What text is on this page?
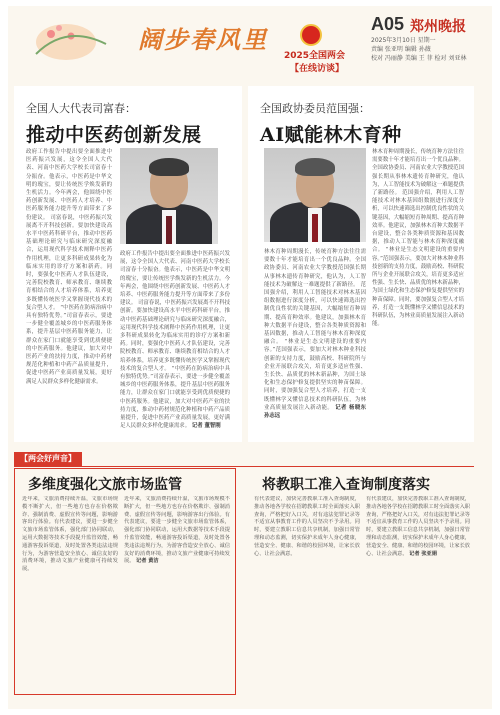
阔步春风里
2025全国两会
【在线访谈】
A05 郑州晚报
2025年3月10日 星期一
责编 张亚明 编辑 孙薇
校对 冯丽静 美编 王 菲 检对 刘亚林
全国人大代表司富春：
推动中医药创新发展
政府工作报告中提出要全面推进中医药振兴发展，这令全国人大代表、河南中医药大学校长司富春十分振奋。他表示，中医药是中华文明的瑰宝，要让传统医学焕发新的生机活力。今年两会，他围绕中医药创新发展、中医药人才培养、中医药服务能力提升等方面带来了多份建议。 司富春说，中医药振兴发展离不开科技创新。要加快建设高水平中医药科研平台，推动中医药基础理论研究与临床研究深度融合，运用现代科学技术阐释中医药作用机理，让更多科研成果转化为临床实用的诊疗方案和新药。同时，要强化中医药人才队伍建设，完善院校教育、师承教育、继续教育相结合的人才培养体系，培养更多既懂传统医学又掌握现代技术的复合型人才。 “中医药在防病治病中具有独特优势。”司富春表示，要进一步健全覆盖城乡的中医药服务体系，提升基层中医药服务能力，让群众在家门口就能享受到优质便捷的中医药服务。他建议，加大对中医药产业的扶持力度，推动中药材规范化种植和中药产品质量提升，促进中医药产业高质量发展，更好满足人民群众多样化健康需求。
政府工作报告中提出要全面推进中医药振兴发展，这令全国人大代表、河南中医药大学校长司富春十分振奋。他表示，中医药是中华文明的瑰宝，要让传统医学焕发新的生机活力。今年两会，他围绕中医药创新发展、中医药人才培养、中医药服务能力提升等方面带来了多份建议。 司富春说，中医药振兴发展离不开科技创新。要加快建设高水平中医药科研平台，推动中医药基础理论研究与临床研究深度融合，运用现代科学技术阐释中医药作用机理，让更多科研成果转化为临床实用的诊疗方案和新药。同时，要强化中医药人才队伍建设，完善院校教育、师承教育、继续教育相结合的人才培养体系，培养更多既懂传统医学又掌握现代技术的复合型人才。 “中医药在防病治病中具有独特优势。”司富春表示，要进一步健全覆盖城乡的中医药服务体系，提升基层中医药服务能力，让群众在家门口就能享受到优质便捷的中医药服务。他建议，加大对中医药产业的扶持力度，推动中药材规范化种植和中药产品质量提升，促进中医药产业高质量发展，更好满足人民群众多样化健康需求。 记者 董智刚
全国政协委员范国强：
AI赋能林木育种
林木育种周期漫长，传统育种方法往往需要数十年才能培育出一个优良品种。全国政协委员、河南农业大学教授范国强长期从事林木遗传育种研究，他认为，人工智能技术为破解这一难题提供了新路径。 范国强介绍，利用人工智能技术对林木基因组数据进行深度分析，可以快速筛选出控制优良性状的关键基因，大幅缩短育种周期、提高育种效率。他建议，加强林木育种大数据平台建设，整合各类种质资源和基因数据，推动人工智能与林木育种深度融合。 “林业是生态文明建设的重要内容。”范国强表示，要加大对林木种业科技创新的支持力度，鼓励高校、科研院所与企业开展联合攻关，培育更多适应性强、生长快、品质优的林木新品种，为国土绿化和生态保护修复提供坚实的种苗保障。同时，要加强复合型人才培养，打造一支既懂林学又懂信息技术的科研队伍，为林业高质量发展注入新动能。
林木育种周期漫长，传统育种方法往往需要数十年才能培育出一个优良品种。全国政协委员、河南农业大学教授范国强长期从事林木遗传育种研究，他认为，人工智能技术为破解这一难题提供了新路径。 范国强介绍，利用人工智能技术对林木基因组数据进行深度分析，可以快速筛选出控制优良性状的关键基因，大幅缩短育种周期、提高育种效率。他建议，加强林木育种大数据平台建设，整合各类种质资源和基因数据，推动人工智能与林木育种深度融合。 “林业是生态文明建设的重要内容。”范国强表示，要加大对林木种业科技创新的支持力度，鼓励高校、科研院所与企业开展联合攻关，培育更多适应性强、生长快、品质优的林木新品种，为国土绿化和生态保护修复提供坚实的种苗保障。同时，要加强复合型人才培养，打造一支既懂林学又懂信息技术的科研队伍，为林业高质量发展注入新动能。 记者 杨晓东 孙志远
【两会好声音】
多维度强化文旅市场监管
近年来，文旅消费持续升温，文旅市场规模不断扩大，但一些地方也存在价格欺诈、强制消费、虚假宣传等问题，影响游客出行体验。有代表建议，要进一步健全文旅市场监管体系，强化部门协同联动，运用大数据等技术手段提升监管效能，畅通游客投诉渠道，及时处置各类违法违规行为，为游客营造安全放心、诚信友好的消费环境，推动文旅产业健康可持续发展。
近年来，文旅消费持续升温，文旅市场规模不断扩大，但一些地方也存在价格欺诈、强制消费、虚假宣传等问题，影响游客出行体验。有代表建议，要进一步健全文旅市场监管体系，强化部门协同联动，运用大数据等技术手段提升监管效能，畅通游客投诉渠道，及时处置各类违法违规行为，为游客营造安全放心、诚信友好的消费环境，推动文旅产业健康可持续发展。 记者 黄洁
将教职工准入查询制度落实
有代表建议，加快完善教职工准入查询制度，推动各地各学校在招聘教职工时全面落实入职查询，严格把好入口关，对有违法犯罪记录等不适宜从事教育工作的人员坚决不予录用。同时，要建立教职工信息共享机制，加强日常管理和动态监测，切实保护未成年人身心健康，营造安全、健康、和谐的校园环境，让家长放心、让社会满意。
有代表建议，加快完善教职工准入查询制度，推动各地各学校在招聘教职工时全面落实入职查询，严格把好入口关，对有违法犯罪记录等不适宜从事教育工作的人员坚决不予录用。同时，要建立教职工信息共享机制，加强日常管理和动态监测，切实保护未成年人身心健康，营造安全、健康、和谐的校园环境，让家长放心、让社会满意。 记者 张亚娟
